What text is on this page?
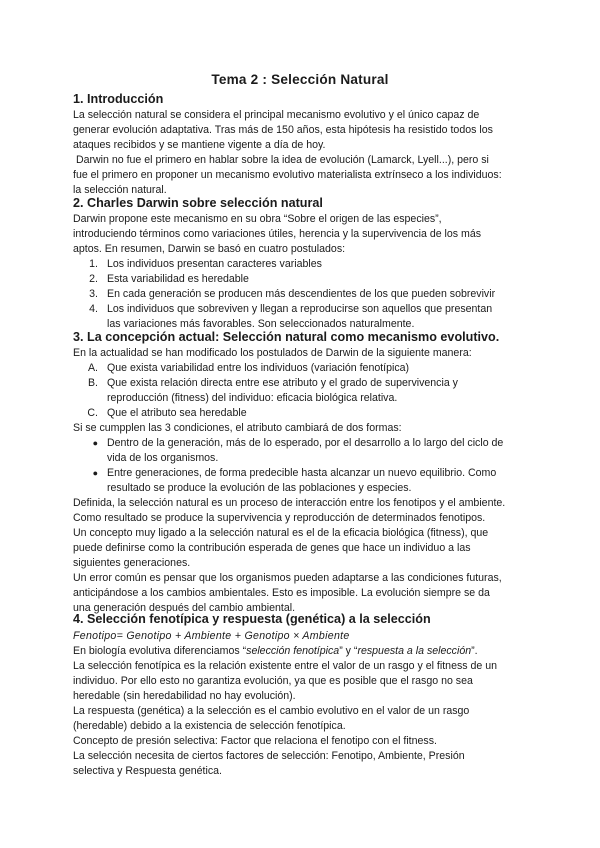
Tema 2 : Selección Natural
1. Introducción
La selección natural se considera el principal mecanismo evolutivo y el único capaz de
generar evolución adaptativa. Tras más de 150 años, esta hipótesis ha resistido todos los
ataques recibidos y se mantiene vigente a día de hoy.
Darwin no fue el primero en hablar sobre la idea de evolución (Lamarck, Lyell...), pero si
fue el primero en proponer un mecanismo evolutivo materialista extrínseco a los individuos:
la selección natural.
2. Charles Darwin sobre selección natural
Darwin propone este mecanismo en su obra “Sobre el origen de las especies”,
introduciendo términos como variaciones útiles, herencia y la supervivencia de los más
aptos. En resumen, Darwin se basó en cuatro postulados:
1. Los individuos presentan caracteres variables
2. Esta variabilidad es heredable
3. En cada generación se producen más descendientes de los que pueden sobrevivir
4. Los individuos que sobreviven y llegan a reproducirse son aquellos que presentan
las variaciones más favorables. Son seleccionados naturalmente.
3. La concepción actual: Selección natural como mecanismo evolutivo.
En la actualidad se han modificado los postulados de Darwin de la siguiente manera:
A. Que exista variabilidad entre los individuos (variación fenotípica)
B. Que exista relación directa entre ese atributo y el grado de supervivencia y
reproducción (fitness) del individuo: eficacia biológica relativa.
C. Que el atributo sea heredable
Si se cumpplen las 3 condiciones, el atributo cambiará de dos formas:
● Dentro de la generación, más de lo esperado, por el desarrollo a lo largo del ciclo de
vida de los organismos.
● Entre generaciones, de forma predecible hasta alcanzar un nuevo equilibrio. Como
resultado se produce la evolución de las poblaciones y especies.
Definida, la selección natural es un proceso de interacción entre los fenotipos y el ambiente.
Como resultado se produce la supervivencia y reproducción de determinados fenotipos.
Un concepto muy ligado a la selección natural es el de la eficacia biológica (fitness), que
puede definirse como la contribución esperada de genes que hace un individuo a las
siguientes generaciones.
Un error común es pensar que los organismos pueden adaptarse a las condiciones futuras,
anticipándose a los cambios ambientales. Esto es imposible. La evolución siempre se da
una generación después del cambio ambiental.
4. Selección fenotípica y respuesta (genética) a la selección
Fenotipo= Genotipo + Ambiente + Genotipo × Ambiente
En biología evolutiva diferenciamos “selección fenotípica” y “respuesta a la selección”.
La selección fenotípica es la relación existente entre el valor de un rasgo y el fitness de un
individuo. Por ello esto no garantiza evolución, ya que es posible que el rasgo no sea
heredable (sin heredabilidad no hay evolución).
La respuesta (genética) a la selección es el cambio evolutivo en el valor de un rasgo
(heredable) debido a la existencia de selección fenotípica.
Concepto de presión selectiva: Factor que relaciona el fenotipo con el fitness.
La selección necesita de ciertos factores de selección: Fenotipo, Ambiente, Presión
selectiva y Respuesta genética.
